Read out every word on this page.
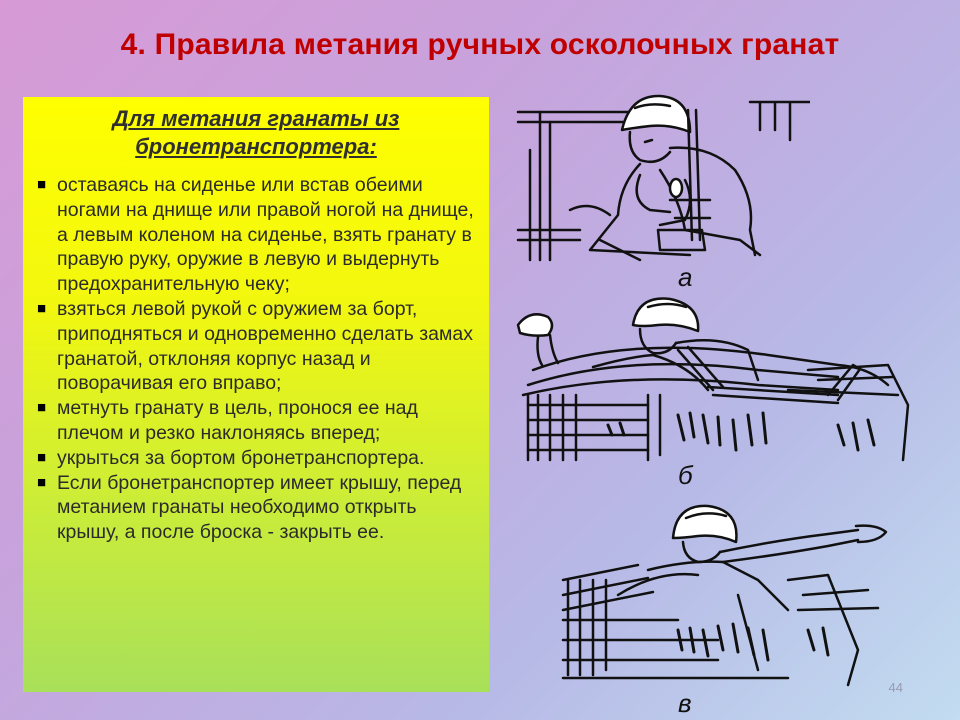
4. Правила метания ручных осколочных гранат
Для метания гранаты из бронетранспортера:
■ оставаясь на сиденье или встав обеими ногами на днище или правой ногой на днище, а левым коленом на сиденье, взять гранату в правую руку, оружие в левую и выдернуть предохранительную чеку;
■ взяться левой рукой с оружием за борт, приподняться и одновременно сделать замах гранатой, отклоняя корпус назад и поворачивая его вправо;
■ метнуть гранату в цель, пронося ее над плечом и резко наклоняясь вперед;
■ укрыться за бортом бронетранспортера.
■ Если бронетранспортер имеет крышу, перед метанием гранаты необходимо открыть крышу, а после броска - закрыть ее.
а
б
в
44
